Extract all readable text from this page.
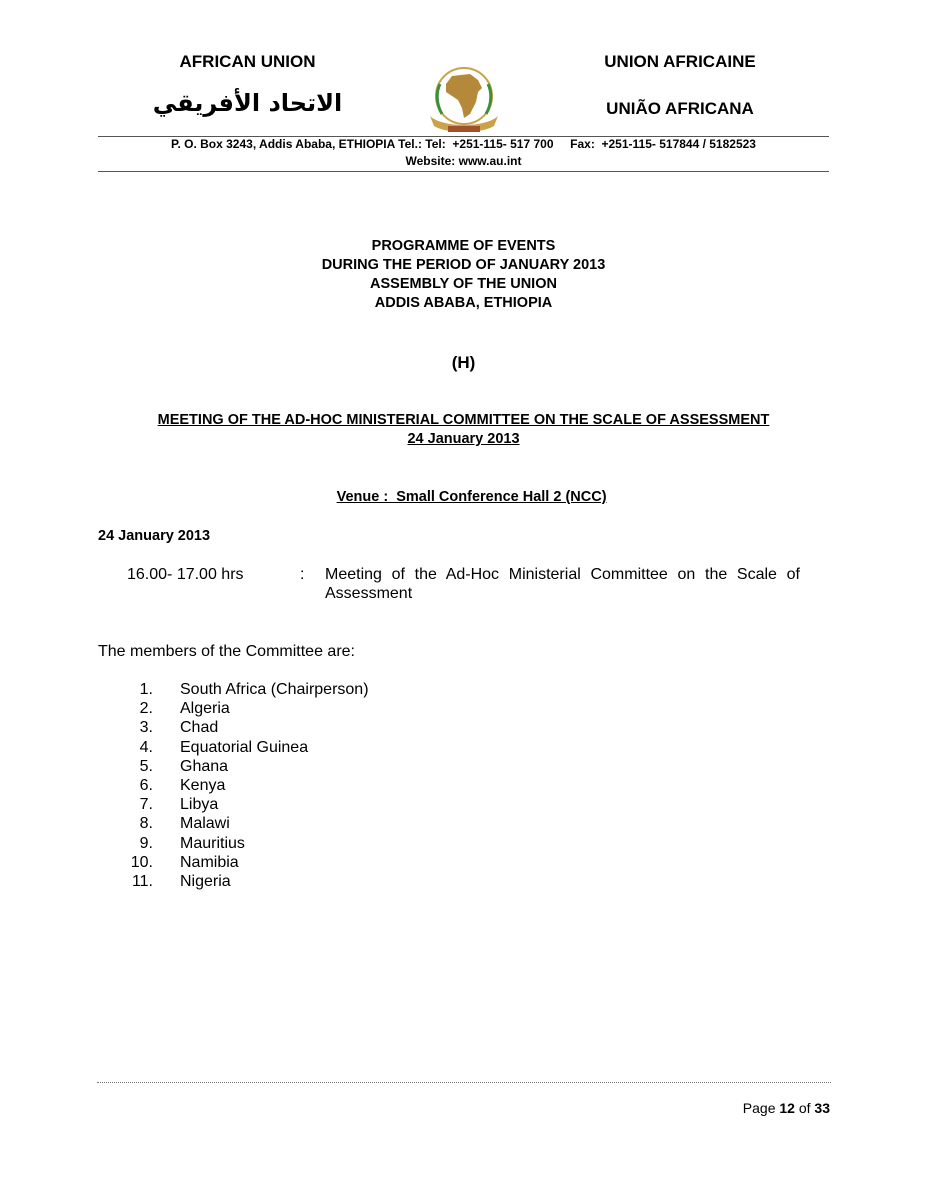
AFRICAN UNION
الاتحاد الأفريقي
UNION AFRICAINE
UNIÃO AFRICANA
P. O. Box 3243, Addis Ababa, ETHIOPIA Tel.: Tel:  +251-115- 517 700     Fax:  +251-115- 517844 / 5182523
Website: www.au.int
PROGRAMME OF EVENTS
DURING THE PERIOD OF JANUARY 2013
ASSEMBLY OF THE UNION
ADDIS ABABA, ETHIOPIA
(H)
MEETING OF THE AD-HOC MINISTERIAL COMMITTEE ON THE SCALE OF ASSESSMENT
24 January 2013

Venue :  Small Conference Hall 2 (NCC)

24 January 2013
16.00- 17.00 hrs	: Meeting of the Ad-Hoc Ministerial Committee on the Scale of
Assessment
The members of the Committee are:
1. South Africa (Chairperson)
2. Algeria
3. Chad
4. Equatorial Guinea
5. Ghana
6. Kenya
7. Libya
8. Malawi
9. Mauritius
10. Namibia
11. Nigeria
Page 12 of 33
